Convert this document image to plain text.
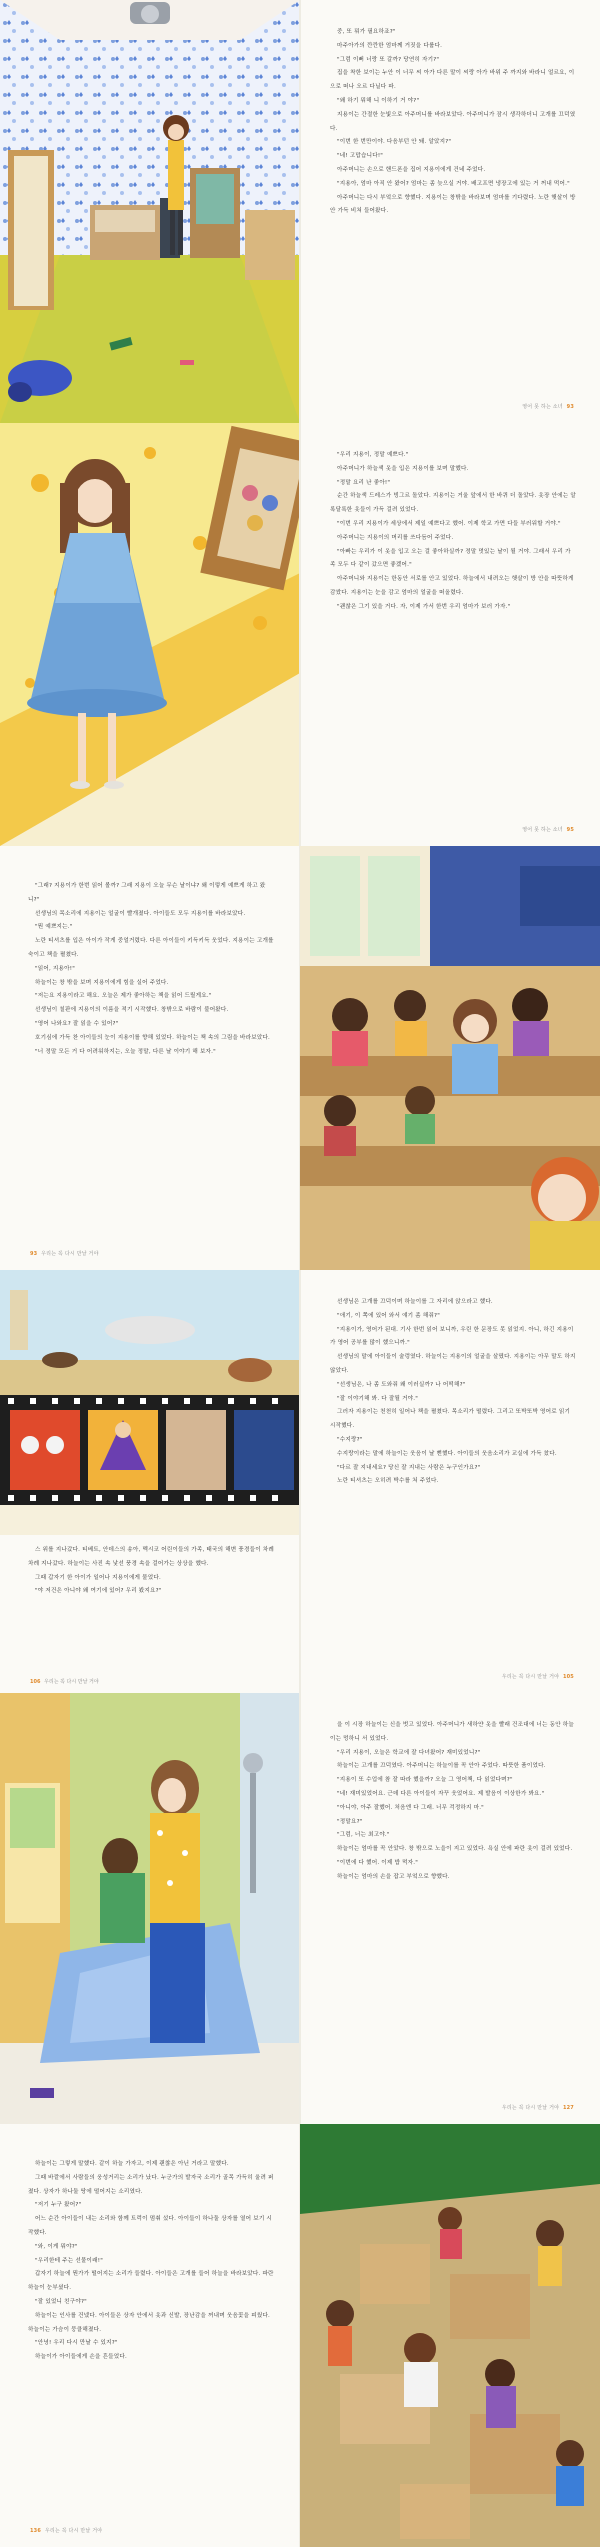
중, 또 뭐가 필요하죠?"

마주아가의 깐깐한 엄마께 거짓을 다룹다.

"그럼 이뻐 너랑 또 갈까? 당연히 자기?"

집을 착한 보이는 누안 이 너무 씨 아가 다른 말이 씨랑 아가 바위 주 까지와 바라니 얼르요, 이 으로 떠나 오르 다닐다 파.

"왜 하기 뭐해 니 이하기 거 야?"

지용이는 간절한 눈빛으로 아주머니를 바라보았다. 아주머니가 잠시 생각하더니 고개를 끄덕였다.

"이번 한 번만이야. 다음부턴 안 돼. 알았지?"

"네! 고맙습니다!"

아주머니는 손으로 핸드폰을 집어 지용이에게 건네 주었다.

"지용아, 엄마 아직 안 왔어? 엄마는 좀 늦으실 거야. 배고프면 냉장고에 있는 거 꺼내 먹어."

아주머니는 다시 부엌으로 향했다. 지용이는 창밖을 바라보며 엄마를 기다렸다. 노란 햇살이 방 안 가득 비쳐 들어왔다.

영어 못 하는 소녀 93

"우리 지용이, 정말 예쁘다."

아주머니가 하늘색 옷을 입은 지용이를 보며 말했다.

"정말 요리 난 좋아!"

순간 하늘색 드레스가 빙그르 돌았다. 지용이는 거울 앞에서 한 바퀴 더 돌았다. 옷장 안에는 알록달록한 옷들이 가득 걸려 있었다.

"이번 우리 지용이가 세상에서 제일 예쁘다고 했어. 이제 학교 가면 다들 부러워할 거야."

아주머니는 지용이의 머리를 쓰다듬어 주었다.

"아빠는 우리가 이 옷을 입고 오는 걸 좋아하실까? 정말 멋있는 날이 될 거야. 그래서 우리 가족 모두 다 같이 갔으면 좋겠어."

아주머니와 지용이는 한동안 서로를 안고 있었다. 하늘에서 내려오는 햇살이 방 안을 따뜻하게 감쌌다. 지용이는 눈을 감고 엄마의 얼굴을 떠올렸다.

"괜찮은 그기 있을 거다. 자, 이제 가서 한번 우리 엄마가 보러 가자."

영어 못 하는 소녀 95

"그래? 지용이가 한번 읽어 볼까? 그래 지용이 오늘 무슨 날이냐? 왜 이렇게 예쁘게 하고 왔니?"

선생님의 목소리에 지용이는 얼굴이 빨개졌다. 아이들도 모두 지용이를 바라보았다.

"뭔 예쁘지는."

노란 티셔츠를 입은 아이가 작게 중얼거렸다. 다른 아이들이 키득키득 웃었다. 지용이는 고개를 숙이고 책을 펼쳤다.

"읽어, 지용아!"

하늘이는 창 밖을 보며 지용이에게 힘을 실어 주었다.

"저는요 지용이라고 해요. 오늘은 제가 좋아하는 책을 읽어 드릴게요."

선생님이 칠판에 지용이의 이름을 적기 시작했다. 창밖으로 바람이 불어왔다.

"영어 나와요? 잘 읽을 수 있어?"

호기심에 가득 찬 아이들의 눈이 지용이를 향해 있었다. 하늘이는 책 속의 그림을 바라보았다.

"너 정말 모든 거 다 어려워하지는, 오늘 정말, 다른 날 이야기 해 보자."

93 우리는 꼭 다시 만날 거야

스 위를 지나갔다. 티베트, 안데스의 송아, 멕시코 어린이들의 가족, 태국의 해변 풍경들이 차례차례 지나갔다. 하늘이는 사진 속 낯선 풍경 속을 걸어가는 상상을 했다.

그때 갑자기 한 아이가 일어나 지용이에게 물었다.

"야 저건은 아니야 왜 여기에 있어? 우리 봤지요?"

106 우리는 꼭 다시 만날 거야

선생님은 고개를 끄덕이며 하늘이를 그 자리에 앉으라고 했다.

"애기, 이 쪽에 있어 와서 얘기 좀 해줘?"

"지용이가, 영어가 된대. 기사 한번 읽어 보니까, 우린 한 문장도 못 읽었지. 아니, 하긴 지용이가 영어 공부를 많이 했으니까."

선생님의 말에 아이들이 술렁였다. 하늘이는 지용이의 얼굴을 살폈다. 지용이는 아무 말도 하지 않았다.

"선생님은, 나 좀 도와줘 왜 이러실까? 나 어떡해?"

"잘 이야기해 봐. 다 잘될 거야."

그러자 지용이는 천천히 일어나 책을 펼쳤다. 목소리가 떨렸다. 그리고 또박또박 영어로 읽기 시작했다.

"수지랑?"

수지랑이라는 말에 하늘이는 웃음이 날 뻔했다. 아이들의 웃음소리가 교실에 가득 찼다.

"다르 잘 지내세요? 당신 잘 지내는 사람은 누구인가요?"

노란 티셔츠는 오히려 박수를 쳐 주었다.

우리는 꼭 다시 만날 거야 105

을 이 시장 하늘이는 신을 벗고 있었다. 아주머니가 새하얀 옷을 빨래 건조대에 너는 동안 하늘이는 멍하니 서 있었다.

"우리 지용이, 오늘은 학교에 잘 다녀왔어? 재미있었니?"

하늘이는 고개를 끄덕였다. 아주머니는 하늘이를 꼭 안아 주었다. 따뜻한 품이었다.

"지용이 또 수업에 참 잘 따라 했을까? 오늘 그 영어책, 다 읽었다며?"

"네! 재미있었어요. 근데 다른 아이들이 자꾸 웃었어요. 제 발음이 이상한가 봐요."

"아니야, 아주 잘했어. 처음엔 다 그래. 너무 걱정하지 마."

"정말요?"

"그럼, 너는 최고야."

하늘이는 엄마를 꼭 안았다. 창 밖으로 노을이 지고 있었다. 욕실 안에 파란 옷이 걸려 있었다.

"이번에 다 했어. 이제 밥 먹자."

하늘이는 엄마의 손을 잡고 부엌으로 향했다.

우리는 꼭 다시 만날 거야 127

하늘이는 그렇게 말했다. 같이 하늘 가자고, 이제 괜찮은 아닌 거라고 말했다.

그때 바깥에서 사람들의 웅성거리는 소리가 났다. 누군가의 발자국 소리가 골목 가득히 울려 퍼졌다. 상자가 하나둘 땅에 떨어지는 소리였다.

"저기 누구 왔어?"

어느 순간 아이들이 내는 소리와 함께 트럭이 멈춰 섰다. 아이들이 하나둘 상자를 열어 보기 시작했다.

"와, 이게 뭐야?"

"우리한테 주는 선물이래!"

갑자기 하늘에 뭔가가 떨어지는 소리가 들렸다. 아이들은 고개를 들어 하늘을 바라보았다. 파란 하늘이 눈부셨다.

"잘 있었니 친구야?"

하늘이는 인사를 건넸다. 아이들은 상자 안에서 옷과 신발, 장난감을 꺼내며 웃음꽃을 피웠다. 하늘이는 가슴이 뭉클해졌다.

"안녕! 우리 다시 만날 수 있지?"

하늘이가 아이들에게 손을 흔들었다.

136 우리는 꼭 다시 만날 거야
